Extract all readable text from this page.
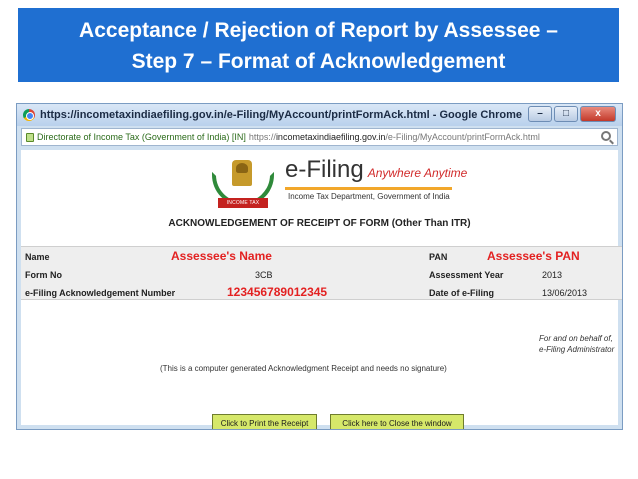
Acceptance / Rejection of Report by Assessee –
Step 7 – Format of Acknowledgement
https://incometaxindiaefiling.gov.in/e-Filing/MyAccount/printFormAck.html - Google Chrome	–	□	x
Directorate of Income Tax (Government of India) [IN] https://incometaxindiaefiling.gov.in/e-Filing/MyAccount/printFormAck.html
INCOME TAX DEPARTMENT
e-Filing Anywhere Anytime
Income Tax Department, Government of India
ACKNOWLEDGEMENT OF RECEIPT OF FORM (Other Than ITR)
Name	Assessee's Name	PAN	Assessee's PAN
Form No	3CB	Assessment Year	2013
e-Filing Acknowledgement Number	123456789012345	Date of e-Filing	13/06/2013
For and on behalf of,
e-Filing Administrator
(This is a computer generated Acknowledgment Receipt and needs no signature)
Click to Print the Receipt	Click here to Close the window
